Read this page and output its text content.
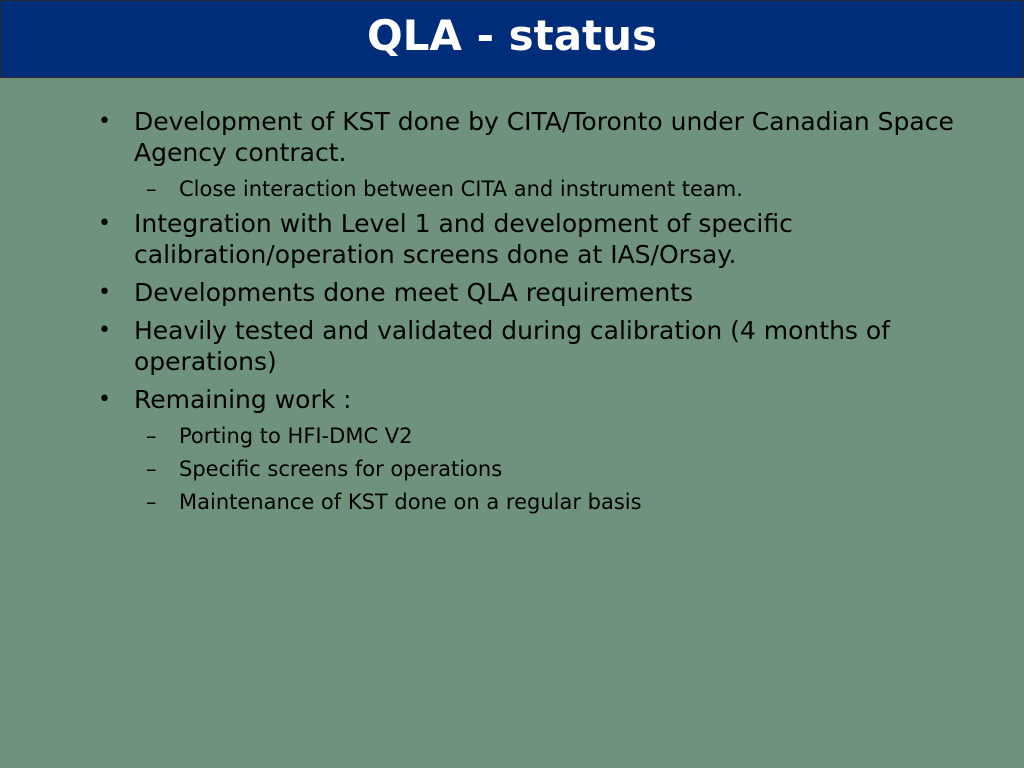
QLA - status
• Development of KST done by CITA/Toronto under Canadian Space Agency contract.
– Close interaction between CITA and instrument team.
• Integration with Level 1 and development of specific calibration/operation screens done at IAS/Orsay.
• Developments done meet QLA requirements
• Heavily tested and validated during calibration (4 months of operations)
• Remaining work :
– Porting to HFI-DMC V2
– Specific screens for operations
– Maintenance of KST done on a regular basis
